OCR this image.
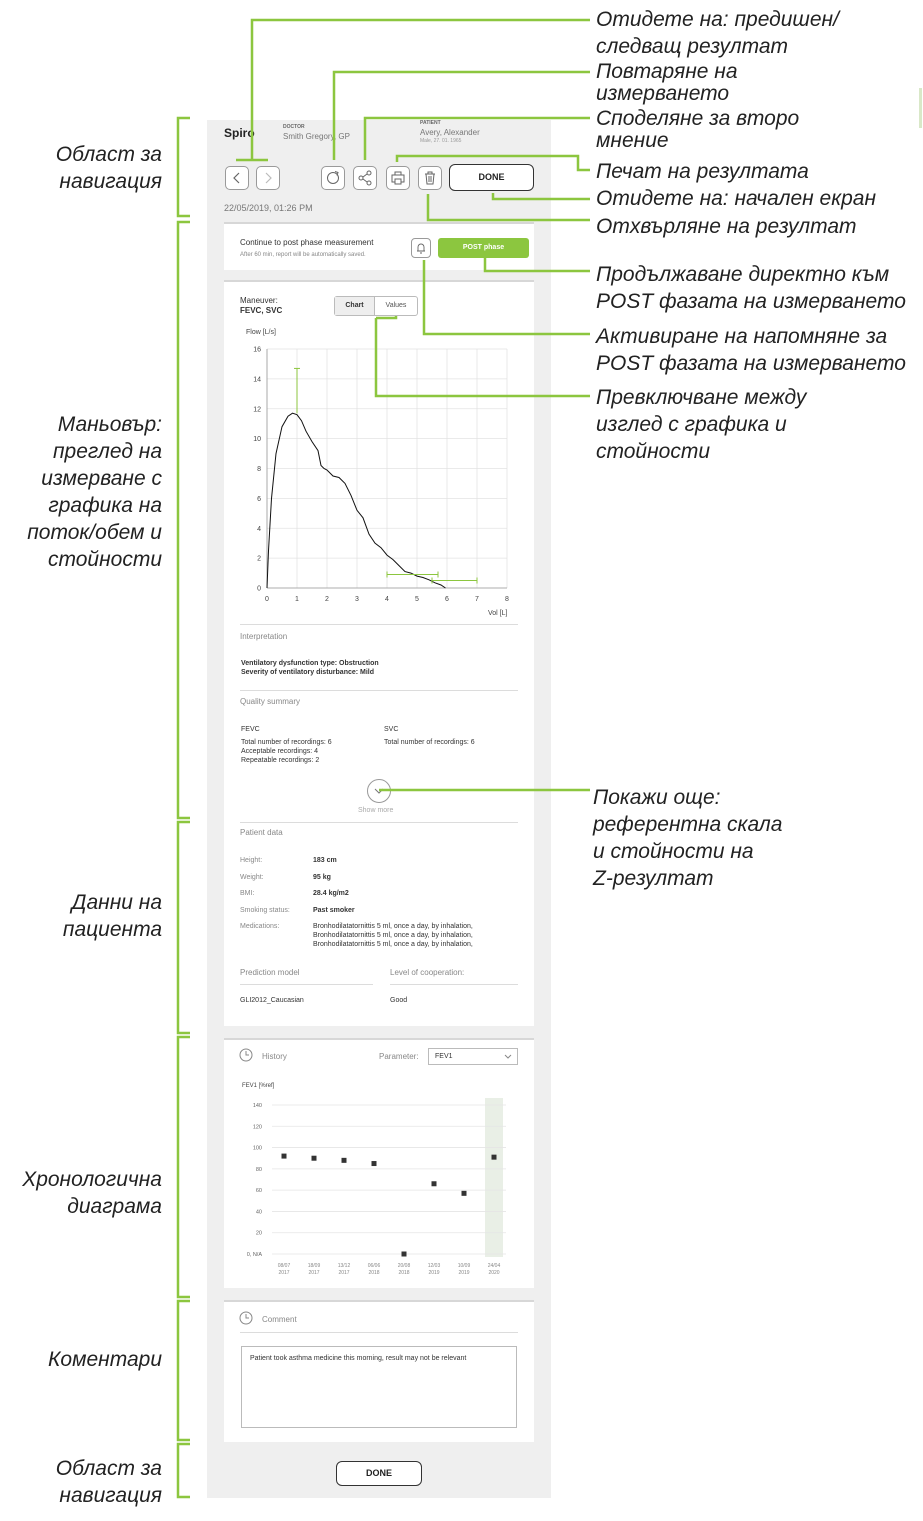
Област за
навигация
Маньовър:
преглед на
измерване с
графика на
поток/обем и
стойности
Данни на
пациента
Хронологична
диаграма
Коментари
Област за
навигация
Spiro	DOCTOR
Smith Gregory, GP
PATIENT
Avery, Alexander
Male, 27. 01. 1965
DONE
22/05/2019, 01:26 PM
Continue to post phase measurement
After 60 min, report will be automatically saved.
POST phase
Maneuver:
FEVC, SVC
Chart	Values
Flow [L/s]
Vol [L]
0	1	2	3	4	5	6	7	8
0
2
4
6
8
10
12
14
16
Interpretation
Ventilatory dysfunction type: Obstruction
Severity of ventilatory disturbance: Mild
Quality summary
FEVC
Total number of recordings: 6
Acceptable recordings: 4
Repeatable recordings: 2
SVC
Total number of recordings: 6
Show more
Patient data
Height:	183 cm
Weight:	95 kg
BMI:	28.4 kg/m2
Smoking status:	Past smoker
Medications:	Bronhodilatatornittis 5 ml, once a day, by inhalation,
Bronhodilatatornittis 5 ml, once a day, by inhalation,
Bronhodilatatornittis 5 ml, once a day, by inhalation,
Prediction model
GLI2012_Caucasian
Level of cooperation:
Good
History	Parameter: FEV1
FEV1 [%ref]
140
120
100
80
60
40
20
0, N/A
08/07
2017
18/09
2017
13/12
2017
06/06
2018
20/08
2018
12/03
2019
10/09
2019
24/04
2020
Comment
Patient took asthma medicine this morning, result may not be relevant
DONE
Отидете на: предишен/
следващ резултат
Повтаряне на
измерването
Споделяне за второ
мнение
Печат на резултата
Отидете на: начален екран
Отхвърляне на резултат
Продължаване директно към
POST фазата на измерването
Активиране на напомняне за
POST фазата на измерването
Превключване между
изглед с графика и
стойности
Покажи още:
референтна скала
и стойности на
Z-резултат
